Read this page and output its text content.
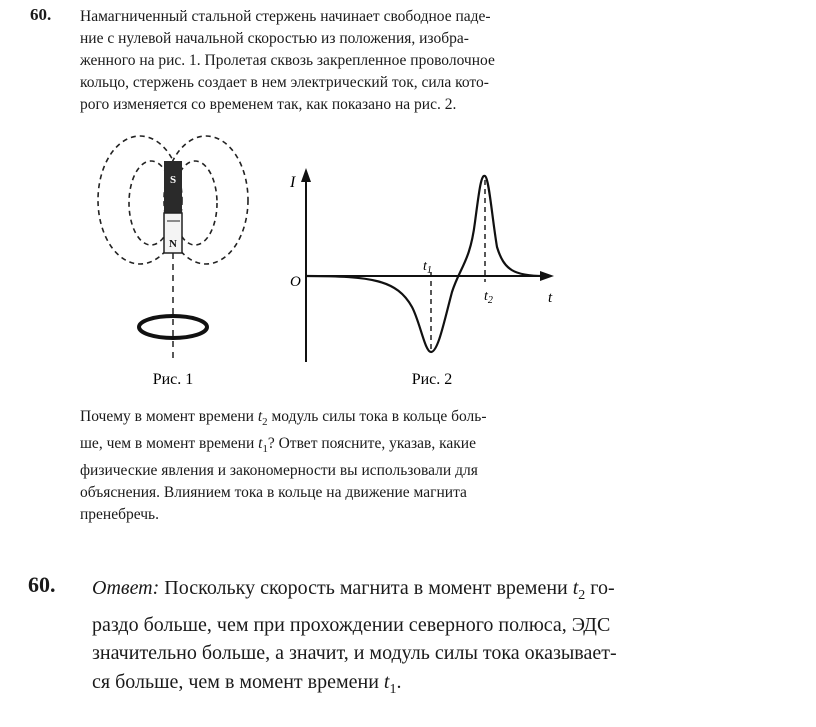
60. Намагниченный стальной стержень начинает свободное паде-
ние с нулевой начальной скоростью из положения, изобра-
женного на рис. 1. Пролетая сквозь закрепленное проволочное
кольцо, стержень создает в нем электрический ток, сила кото-
рого изменяется со временем так, как показано на рис. 2.
S
N
Рис. 1
I
O
t
$t_1$
$t_2$
Рис. 2
Почему в момент времени $t_2$ модуль силы тока в кольце боль-
ше, чем в момент времени $t_1$? Ответ поясните, указав, какие
физические явления и закономерности вы использовали для
объяснения. Влиянием тока в кольце на движение магнита
пренебречь.
60. Ответ: Поскольку скорость магнита в момент времени $t_2$ го-
раздо больше, чем при прохождении северного полюса, ЭДС
значительно больше, а значит, и модуль силы тока оказывает-
ся больше, чем в момент времени $t_1$.
